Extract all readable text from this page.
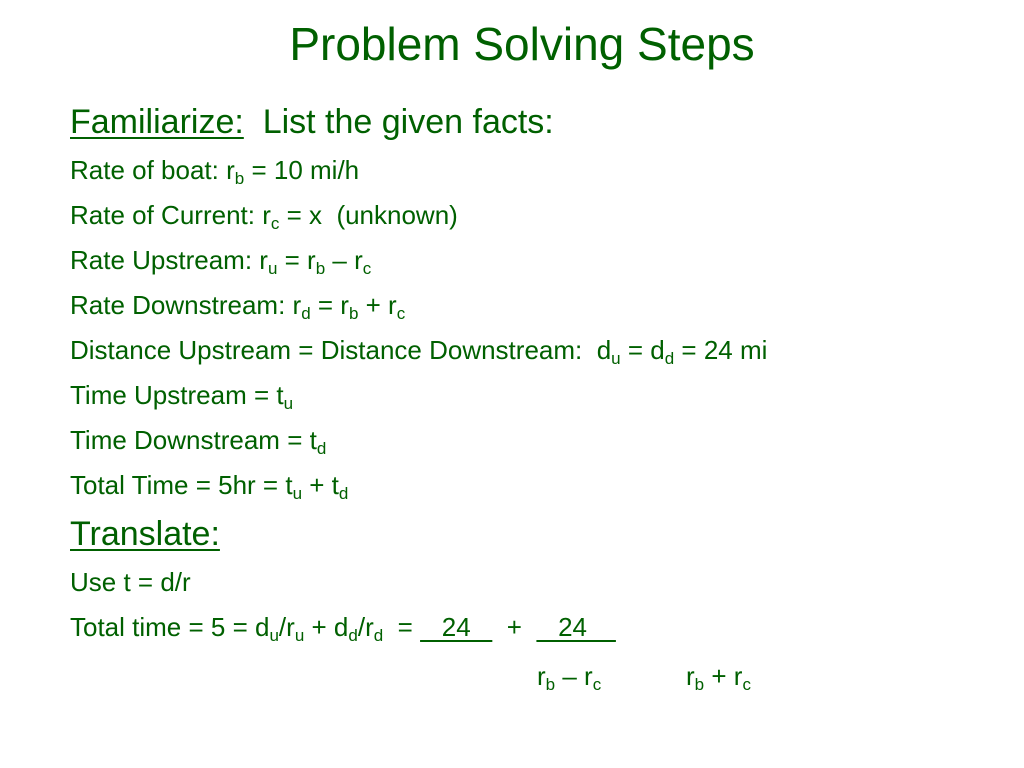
Problem Solving Steps
Familiarize:  List the given facts:
Rate of boat: $r_b = 10$ mi/h
Rate of Current: $r_c = x$  (unknown)
Rate Upstream: $r_u = r_b - r_c$
Rate Downstream: $r_d = r_b + r_c$
Distance Upstream = Distance Downstream:  $d_u = d_d = 24$ mi
Time Upstream = $t_u$
Time Downstream = $t_d$
Total Time = $5hr = t_u + t_d$
Translate:
Use t = d/r
Total time = $5 = d_u/r_u + d_d/r_d$  =    24     +     24
$r_b - r_c$	$r_b + r_c$
